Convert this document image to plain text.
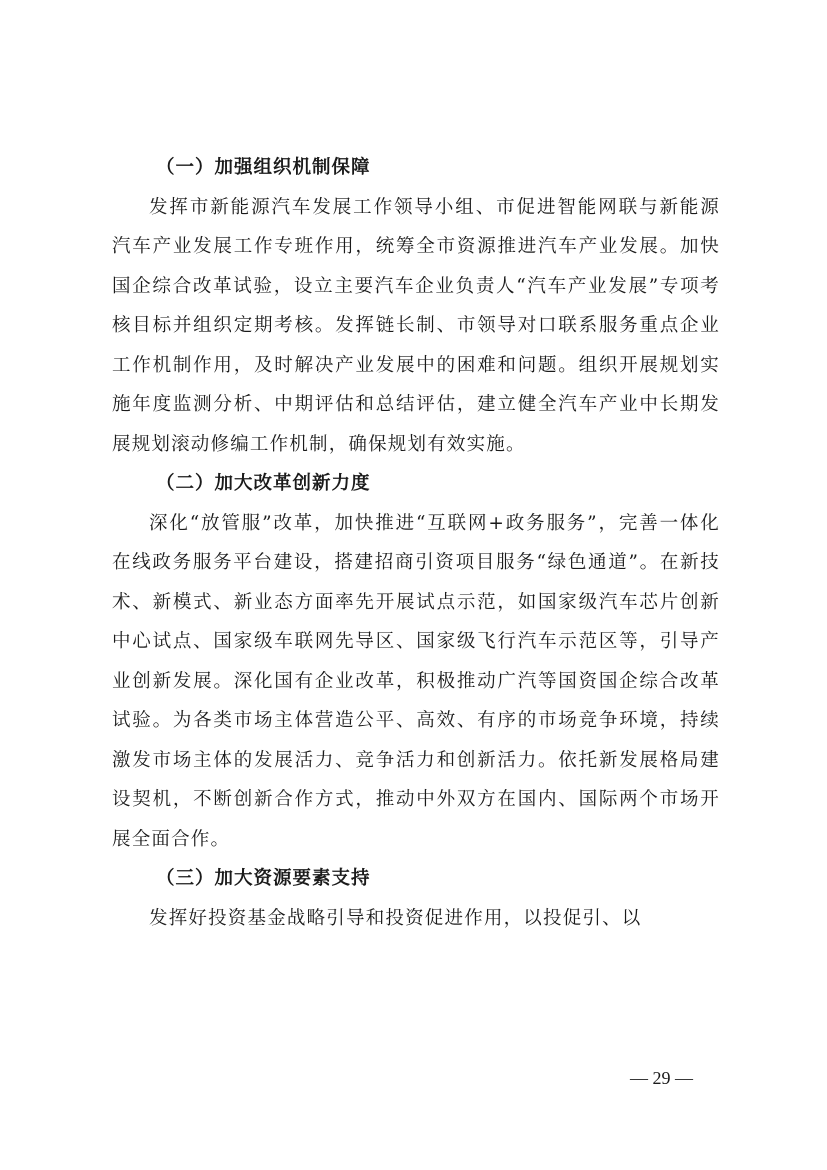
（一）加强组织机制保障

发挥市新能源汽车发展工作领导小组、市促进智能网联与新能源汽车产业发展工作专班作用，统筹全市资源推进汽车产业发展。加快国企综合改革试验，设立主要汽车企业负责人“汽车产业发展”专项考核目标并组织定期考核。发挥链长制、市领导对口联系服务重点企业工作机制作用，及时解决产业发展中的困难和问题。组织开展规划实施年度监测分析、中期评估和总结评估，建立健全汽车产业中长期发展规划滚动修编工作机制，确保规划有效实施。

（二）加大改革创新力度

深化“放管服”改革，加快推进“互联网+政务服务”，完善一体化在线政务服务平台建设，搭建招商引资项目服务“绿色通道”。在新技术、新模式、新业态方面率先开展试点示范，如国家级汽车芯片创新中心试点、国家级车联网先导区、国家级飞行汽车示范区等，引导产业创新发展。深化国有企业改革，积极推动广汽等国资国企综合改革试验。为各类市场主体营造公平、高效、有序的市场竞争环境，持续激发市场主体的发展活力、竞争活力和创新活力。依托新发展格局建设契机，不断创新合作方式，推动中外双方在国内、国际两个市场开展全面合作。

（三）加大资源要素支持

发挥好投资基金战略引导和投资促进作用，以投促引、以

— 29 —
